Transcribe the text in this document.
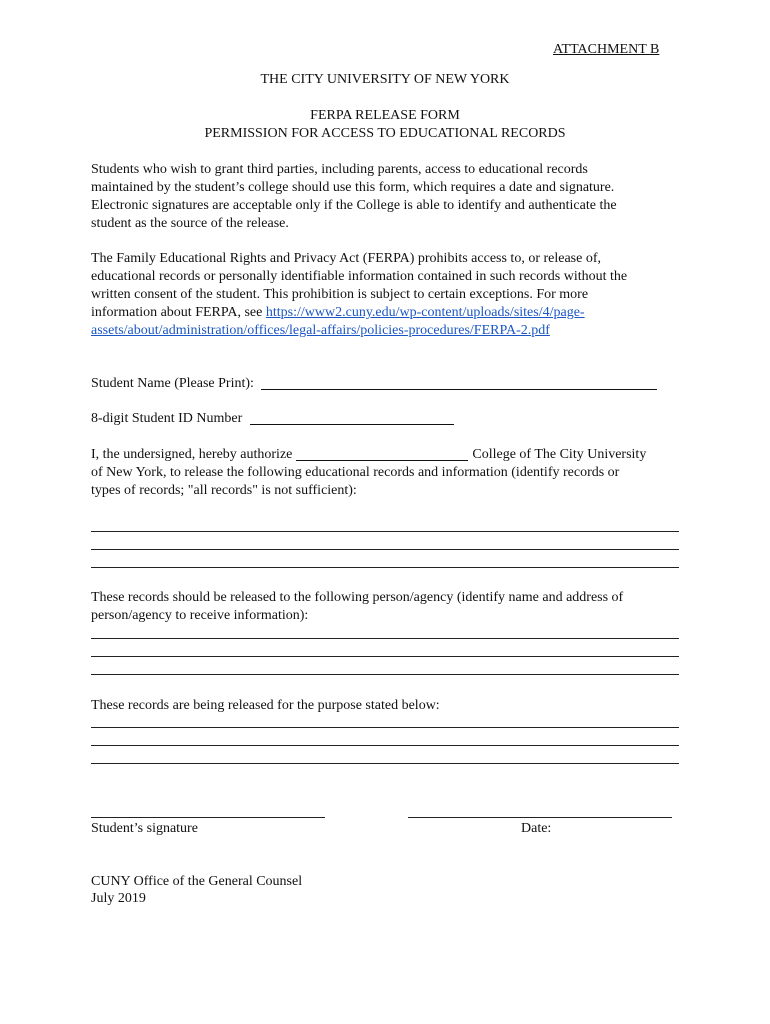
ATTACHMENT B
THE CITY UNIVERSITY OF NEW YORK
FERPA RELEASE FORM
PERMISSION FOR ACCESS TO EDUCATIONAL RECORDS
Students who wish to grant third parties, including parents, access to educational records
maintained by the student’s college should use this form, which requires a date and signature.
Electronic signatures are acceptable only if the College is able to identify and authenticate the
student as the source of the release.
The Family Educational Rights and Privacy Act (FERPA) prohibits access to, or release of,
educational records or personally identifiable information contained in such records without the
written consent of the student. This prohibition is subject to certain exceptions. For more
information about FERPA, see https://www2.cuny.edu/wp-content/uploads/sites/4/page-
assets/about/administration/offices/legal-affairs/policies-procedures/FERPA-2.pdf
Student Name (Please Print):
8-digit Student ID Number
I, the undersigned, hereby authorize	College of The City University
of New York, to release the following educational records and information (identify records or
types of records; "all records" is not sufficient):
These records should be released to the following person/agency (identify name and address of
person/agency to receive information):
These records are being released for the purpose stated below:
Student’s signature	Date:
CUNY Office of the General Counsel
July 2019
